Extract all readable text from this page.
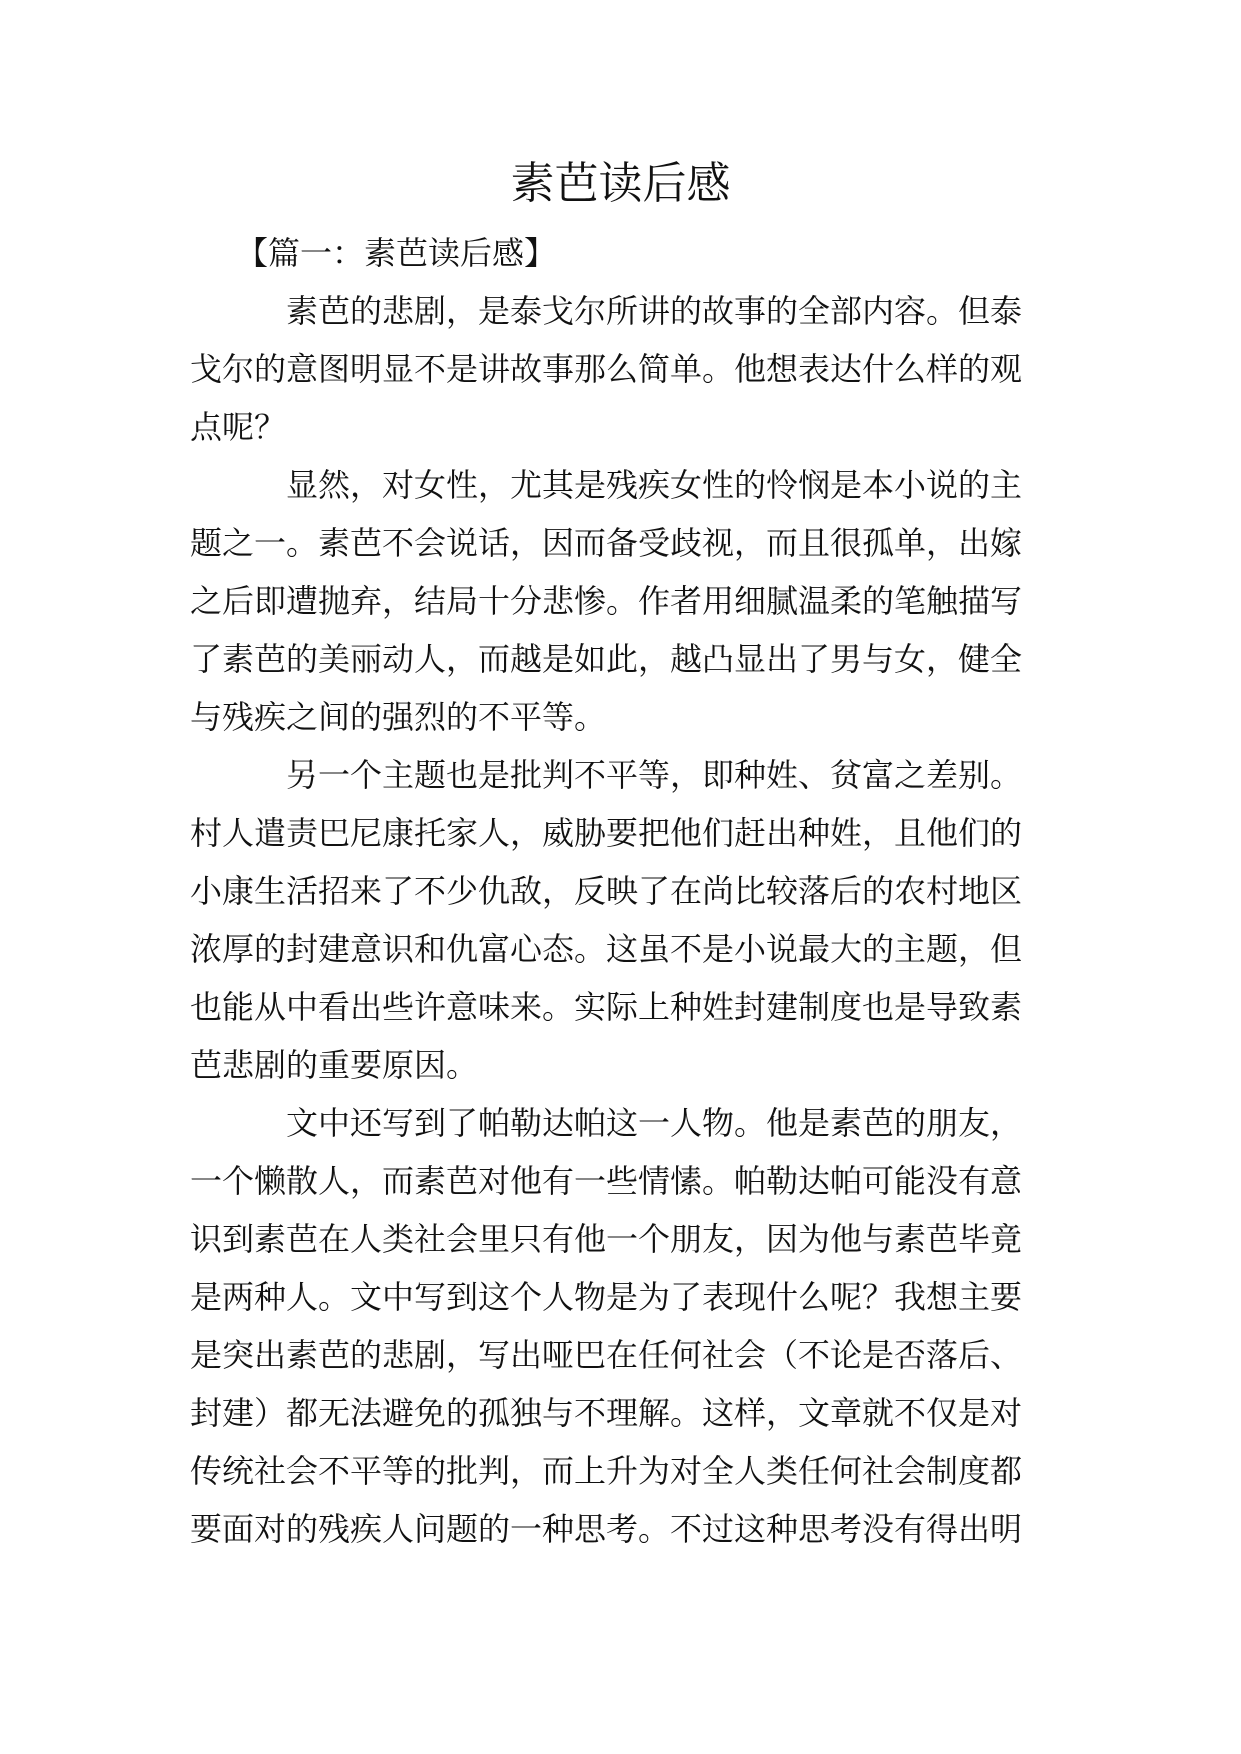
素芭读后感
【篇一：素芭读后感】
素芭的悲剧，是泰戈尔所讲的故事的全部内容。但泰
戈尔的意图明显不是讲故事那么简单。他想表达什么样的观
点呢？
显然，对女性，尤其是残疾女性的怜悯是本小说的主
题之一。素芭不会说话，因而备受歧视，而且很孤单，出嫁
之后即遭抛弃，结局十分悲惨。作者用细腻温柔的笔触描写
了素芭的美丽动人，而越是如此，越凸显出了男与女，健全
与残疾之间的强烈的不平等。
另一个主题也是批判不平等，即种姓、贫富之差别。
村人遣责巴尼康托家人，威胁要把他们赶出种姓，且他们的
小康生活招来了不少仇敌，反映了在尚比较落后的农村地区
浓厚的封建意识和仇富心态。这虽不是小说最大的主题，但
也能从中看出些许意味来。实际上种姓封建制度也是导致素
芭悲剧的重要原因。
文中还写到了帕勒达帕这一人物。他是素芭的朋友，
一个懒散人，而素芭对他有一些情愫。帕勒达帕可能没有意
识到素芭在人类社会里只有他一个朋友，因为他与素芭毕竟
是两种人。文中写到这个人物是为了表现什么呢？我想主要
是突出素芭的悲剧，写出哑巴在任何社会（不论是否落后、
封建）都无法避免的孤独与不理解。这样，文章就不仅是对
传统社会不平等的批判，而上升为对全人类任何社会制度都
要面对的残疾人问题的一种思考。不过这种思考没有得出明
